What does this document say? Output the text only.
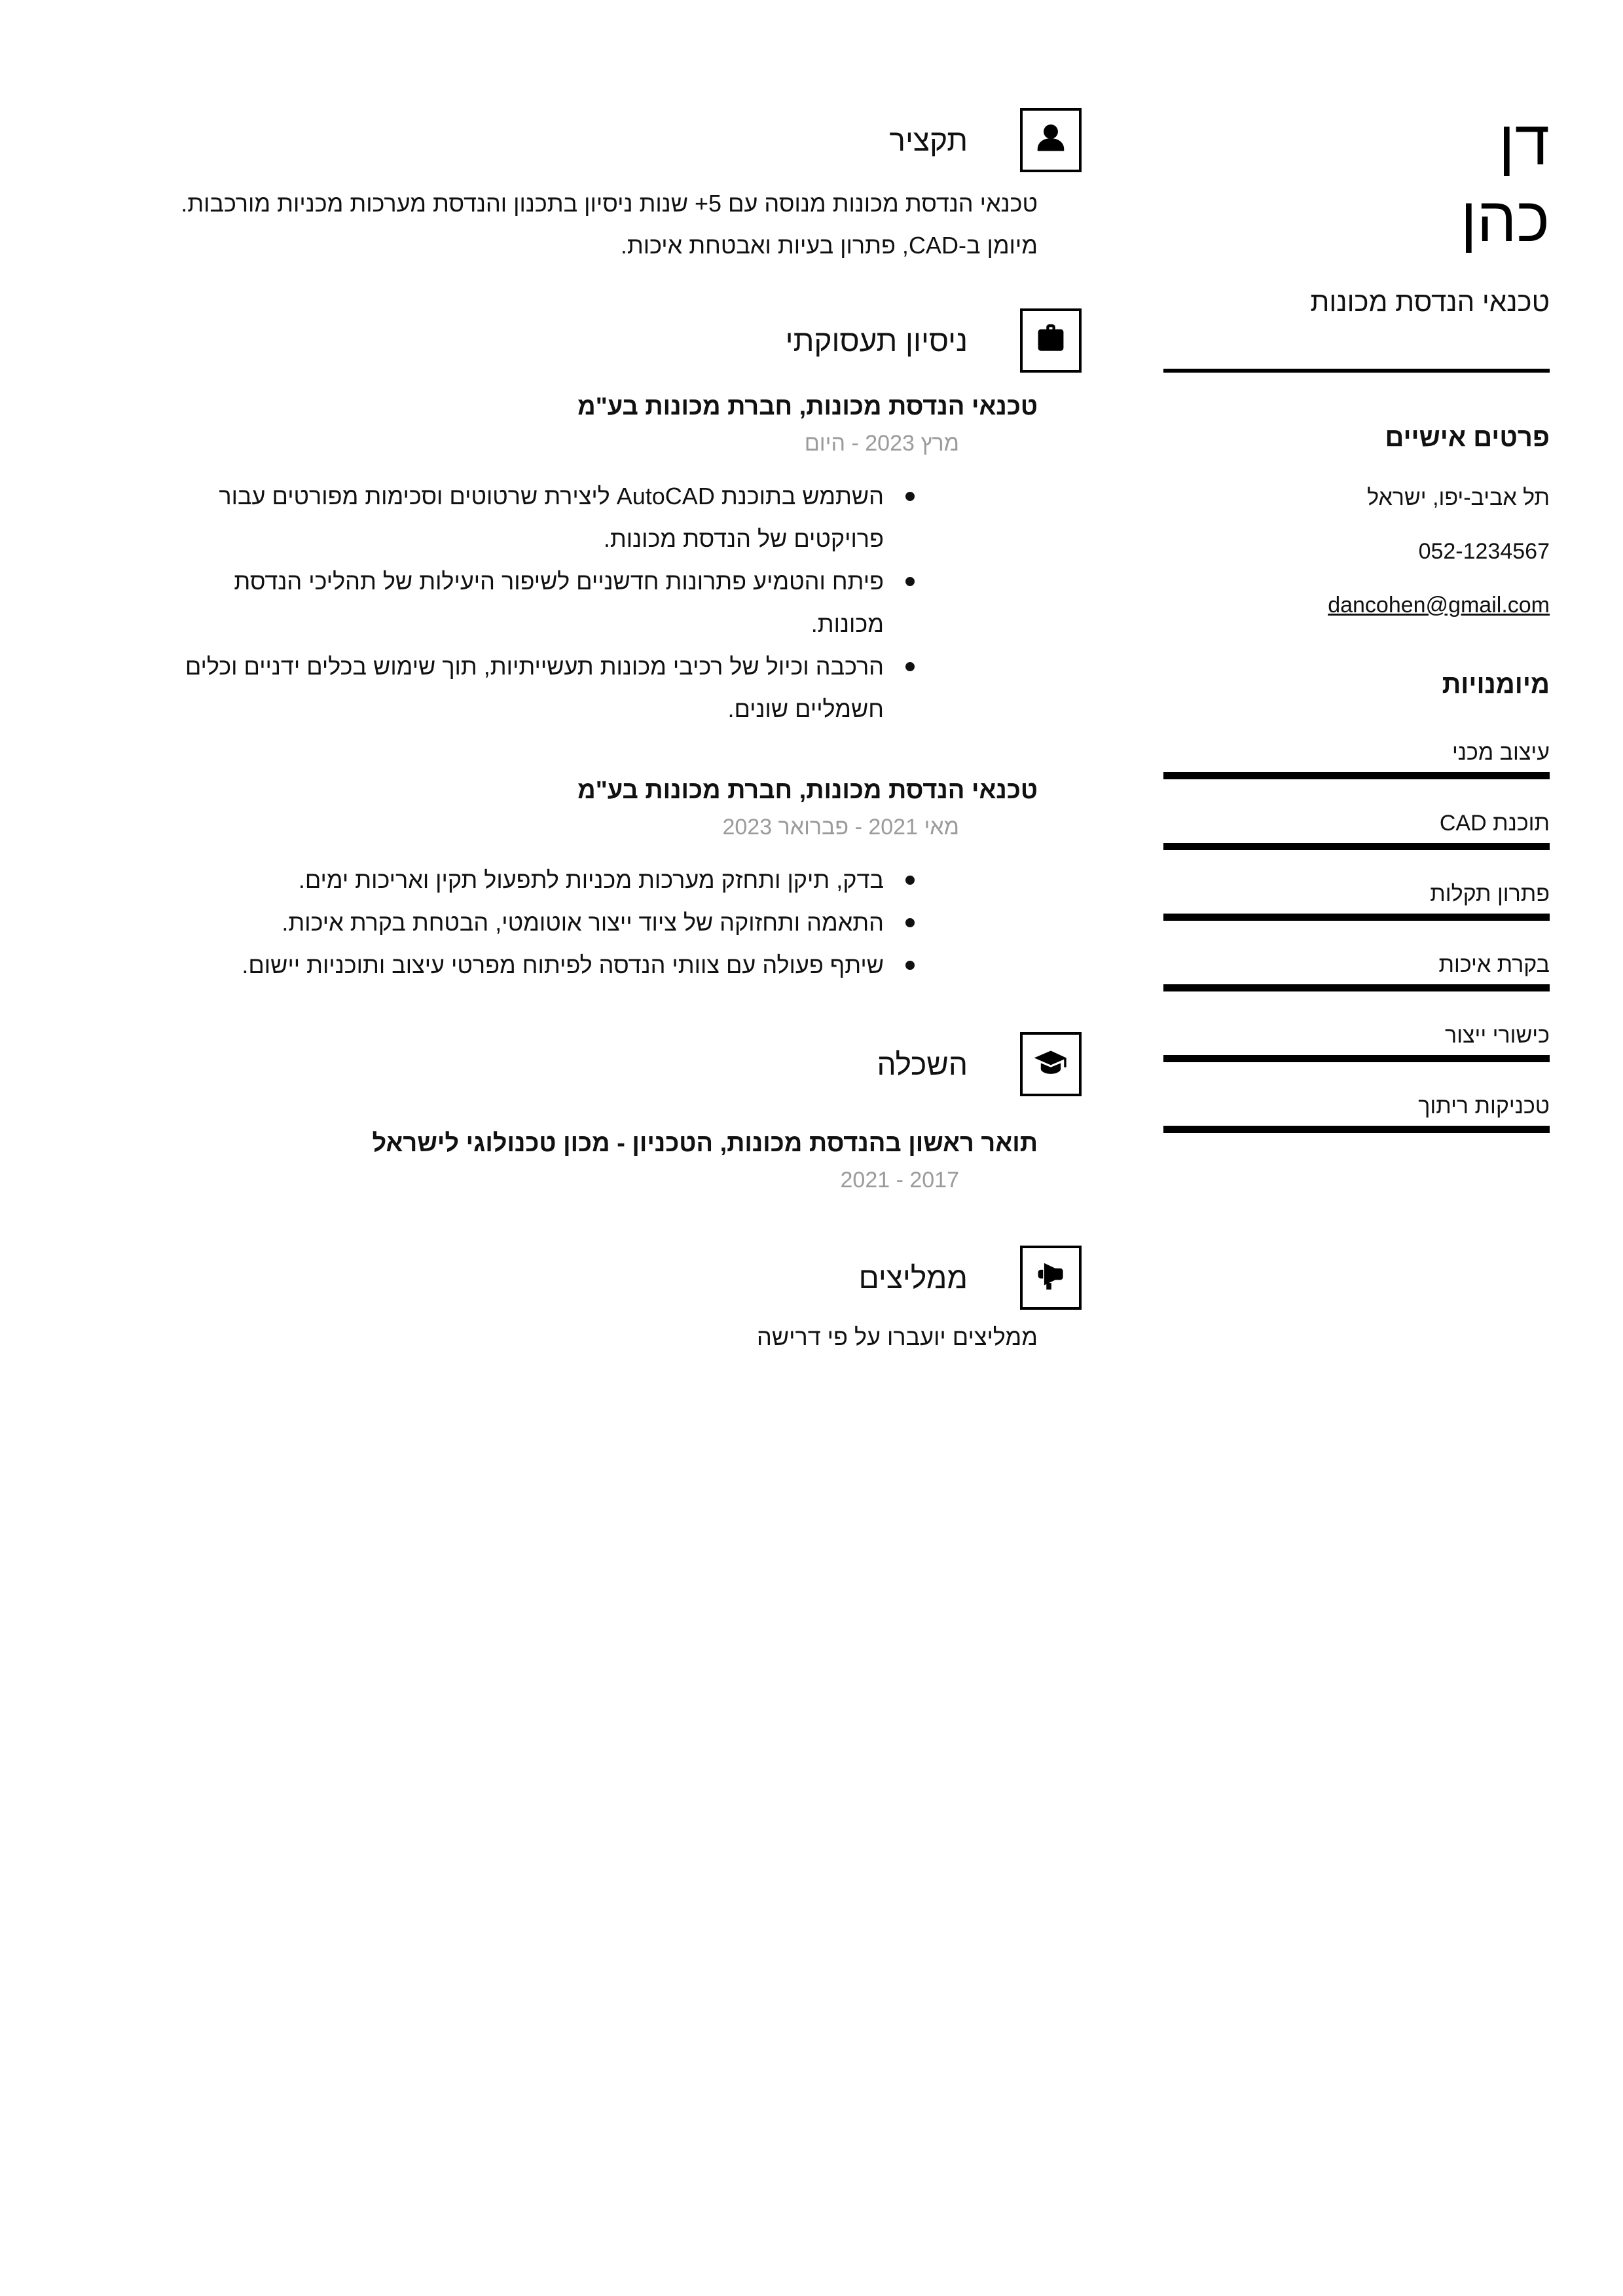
דן
כהן
טכנאי הנדסת מכונות
פרטים אישיים
תל אביב-יפו, ישראל
052-1234567
dancohen@gmail.com
מיומנויות
עיצוב מכני
תוכנת CAD
פתרון תקלות
בקרת איכות
כישורי ייצור
טכניקות ריתוך
תקציר

טכנאי הנדסת מכונות מנוסה עם 5+ שנות ניסיון בתכנון והנדסת מערכות מכניות מורכבות. מיומן ב-CAD, פתרון בעיות ואבטחת איכות.

ניסיון תעסוקתי
טכנאי הנדסת מכונות, חברת מכונות בע"מ
מרץ 2023 - היום
השתמש בתוכנת AutoCAD ליצירת שרטוטים וסכימות מפורטים עבור פרויקטים של הנדסת מכונות.
פיתח והטמיע פתרונות חדשניים לשיפור היעילות של תהליכי הנדסת מכונות.
הרכבה וכיול של רכיבי מכונות תעשייתיות, תוך שימוש בכלים ידניים וכלים חשמליים שונים.
טכנאי הנדסת מכונות, חברת מכונות בע"מ
מאי 2021 - פברואר 2023
בדק, תיקן ותחזק מערכות מכניות לתפעול תקין ואריכות ימים.
התאמה ותחזוקה של ציוד ייצור אוטומטי, הבטחת בקרת איכות.
שיתף פעולה עם צוותי הנדסה לפיתוח מפרטי עיצוב ותוכניות יישום.
השכלה
תואר ראשון בהנדסת מכונות, הטכניון - מכון טכנולוגי לישראל
2017 - 2021
ממליצים

ממליצים יועברו על פי דרישה
